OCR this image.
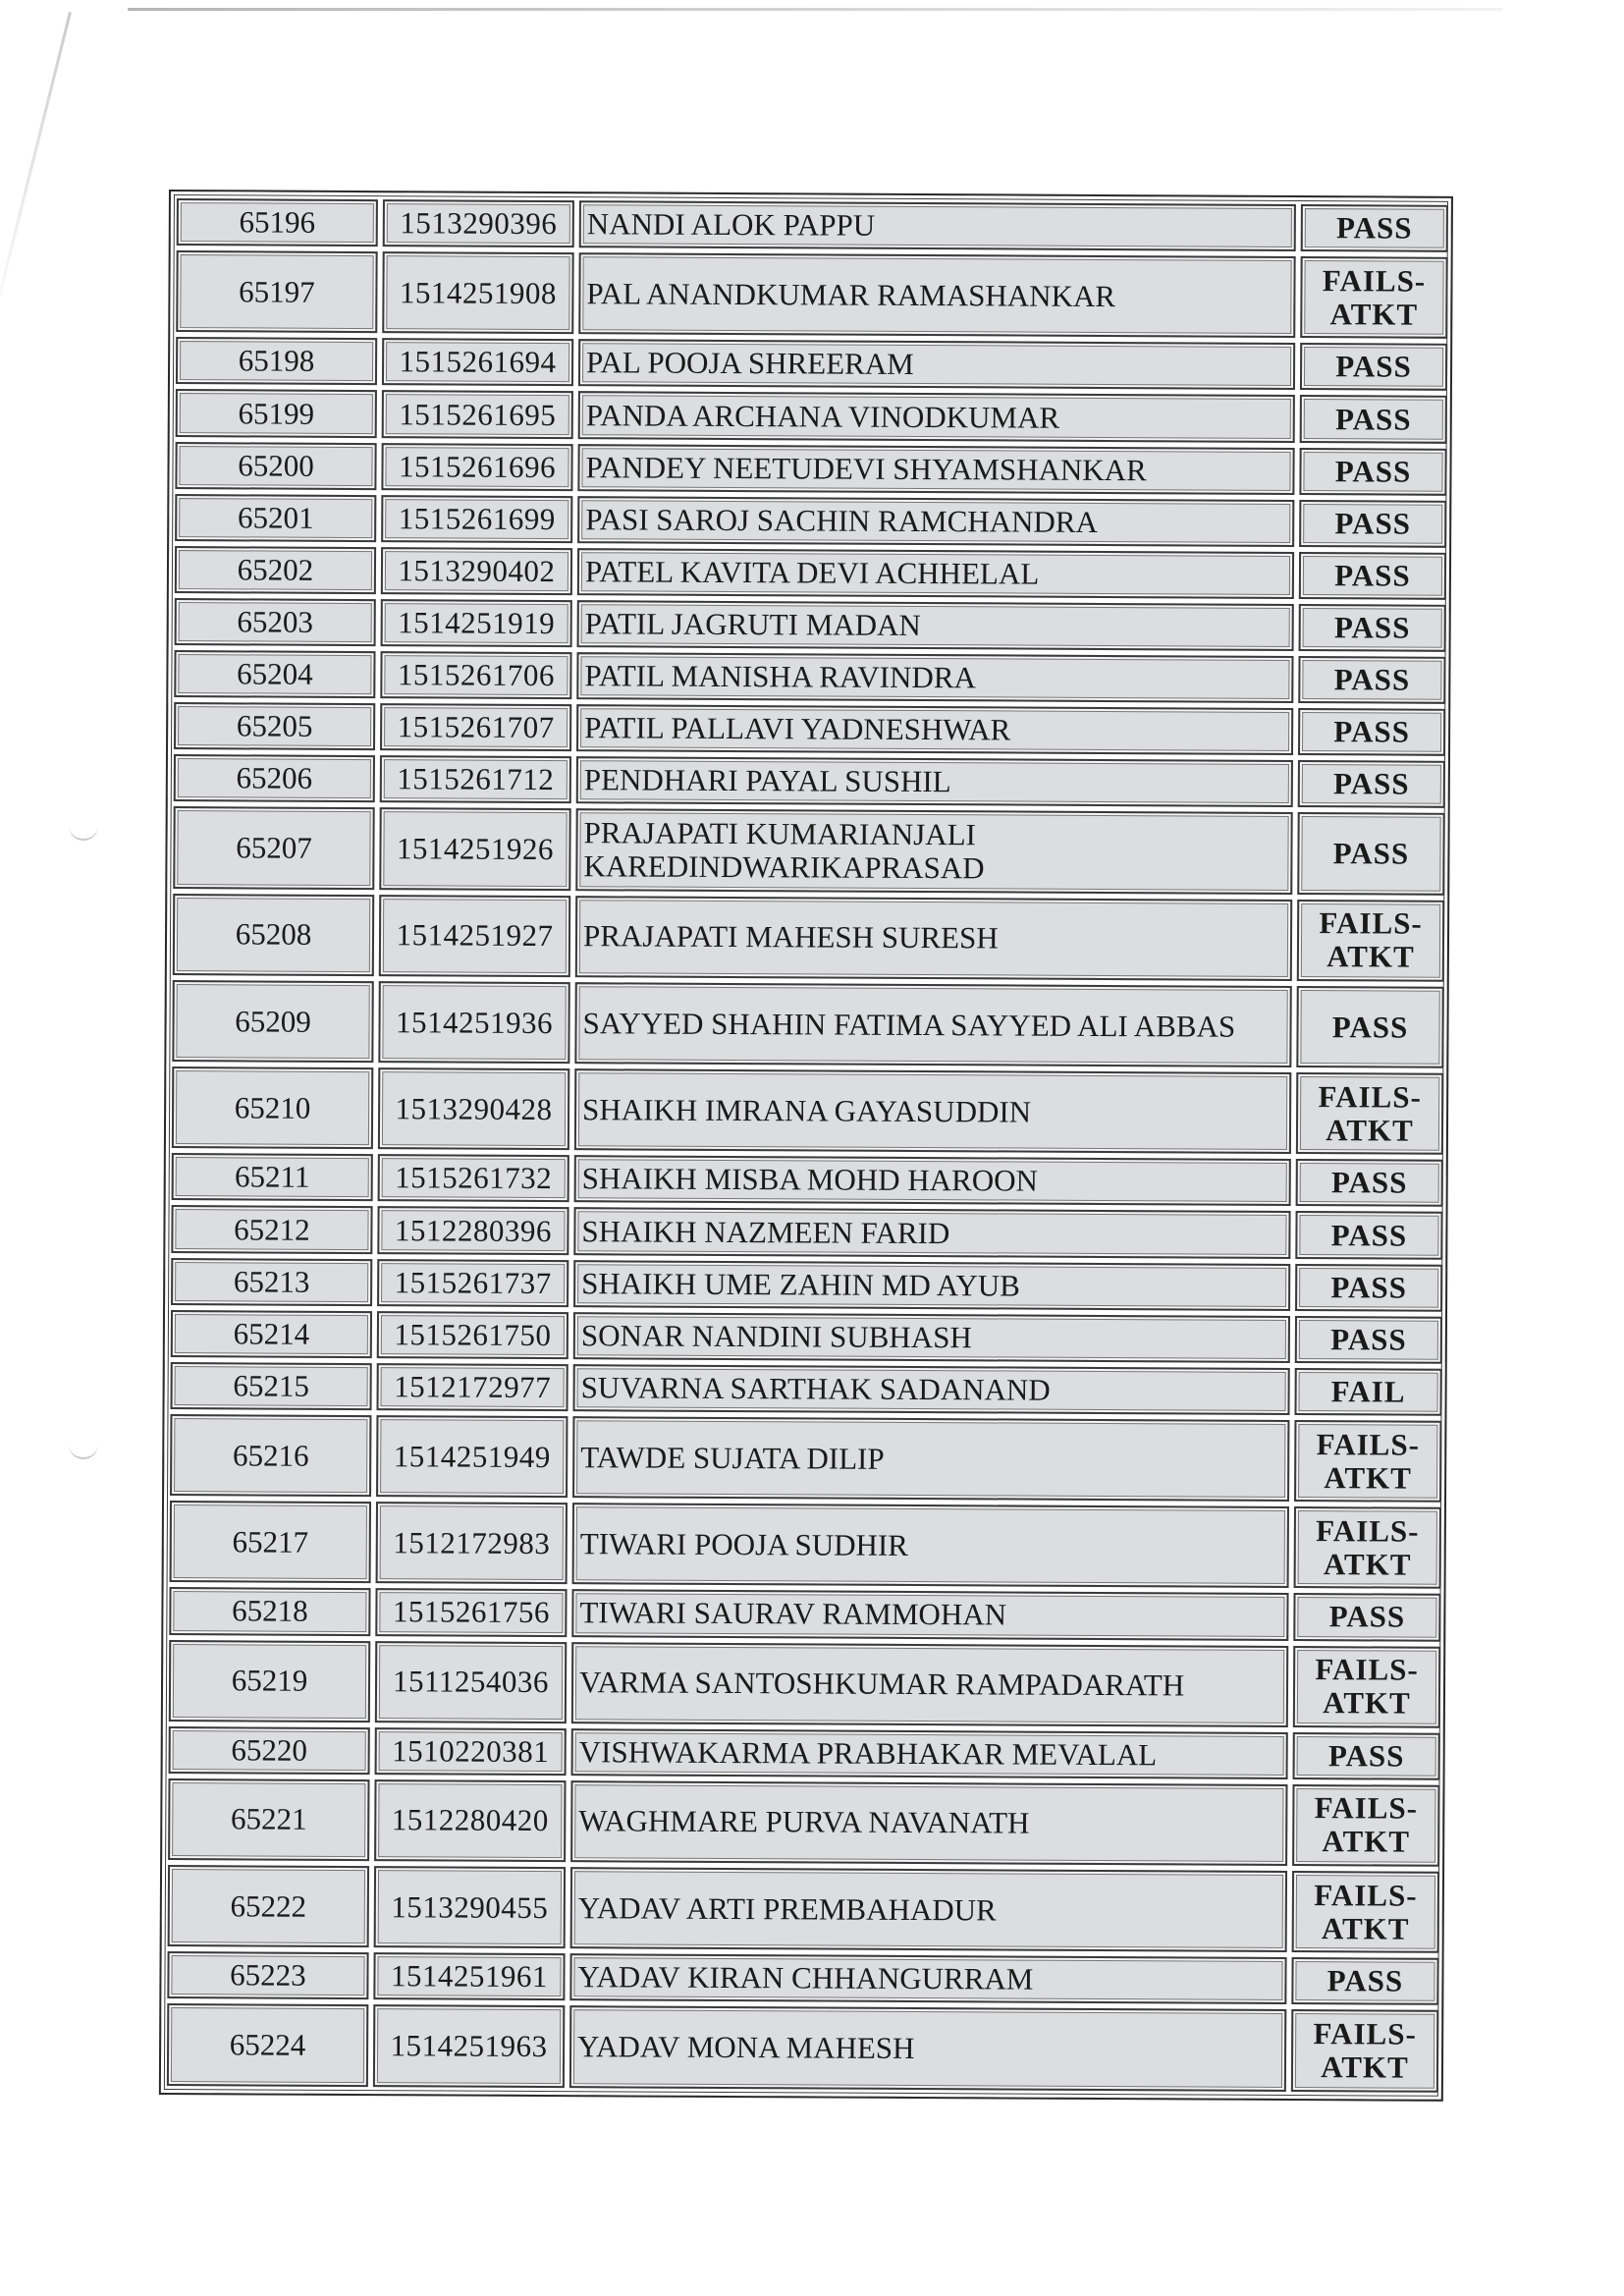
65196	1513290396	NANDI ALOK PAPPU	PASS
65197	1514251908	PAL ANANDKUMAR RAMASHANKAR	FAILS-ATKT
65198	1515261694	PAL POOJA SHREERAM	PASS
65199	1515261695	PANDA ARCHANA VINODKUMAR	PASS
65200	1515261696	PANDEY NEETUDEVI SHYAMSHANKAR	PASS
65201	1515261699	PASI SAROJ SACHIN RAMCHANDRA	PASS
65202	1513290402	PATEL KAVITA DEVI ACHHELAL	PASS
65203	1514251919	PATIL JAGRUTI MADAN	PASS
65204	1515261706	PATIL MANISHA RAVINDRA	PASS
65205	1515261707	PATIL PALLAVI YADNESHWAR	PASS
65206	1515261712	PENDHARI PAYAL SUSHIL	PASS
65207	1514251926	PRAJAPATI KUMARIANJALI KAREDINDWARIKAPRASAD	PASS
65208	1514251927	PRAJAPATI MAHESH SURESH	FAILS-ATKT
65209	1514251936	SAYYED SHAHIN FATIMA SAYYED ALI ABBAS	PASS
65210	1513290428	SHAIKH IMRANA GAYASUDDIN	FAILS-ATKT
65211	1515261732	SHAIKH MISBA MOHD HAROON	PASS
65212	1512280396	SHAIKH NAZMEEN FARID	PASS
65213	1515261737	SHAIKH UME ZAHIN MD AYUB	PASS
65214	1515261750	SONAR NANDINI SUBHASH	PASS
65215	1512172977	SUVARNA SARTHAK SADANAND	FAIL
65216	1514251949	TAWDE SUJATA DILIP	FAILS-ATKT
65217	1512172983	TIWARI POOJA SUDHIR	FAILS-ATKT
65218	1515261756	TIWARI SAURAV RAMMOHAN	PASS
65219	1511254036	VARMA SANTOSHKUMAR RAMPADARATH	FAILS-ATKT
65220	1510220381	VISHWAKARMA PRABHAKAR MEVALAL	PASS
65221	1512280420	WAGHMARE PURVA NAVANATH	FAILS-ATKT
65222	1513290455	YADAV ARTI PREMBAHADUR	FAILS-ATKT
65223	1514251961	YADAV KIRAN CHHANGURRAM	PASS
65224	1514251963	YADAV MONA MAHESH	FAILS-ATKT
